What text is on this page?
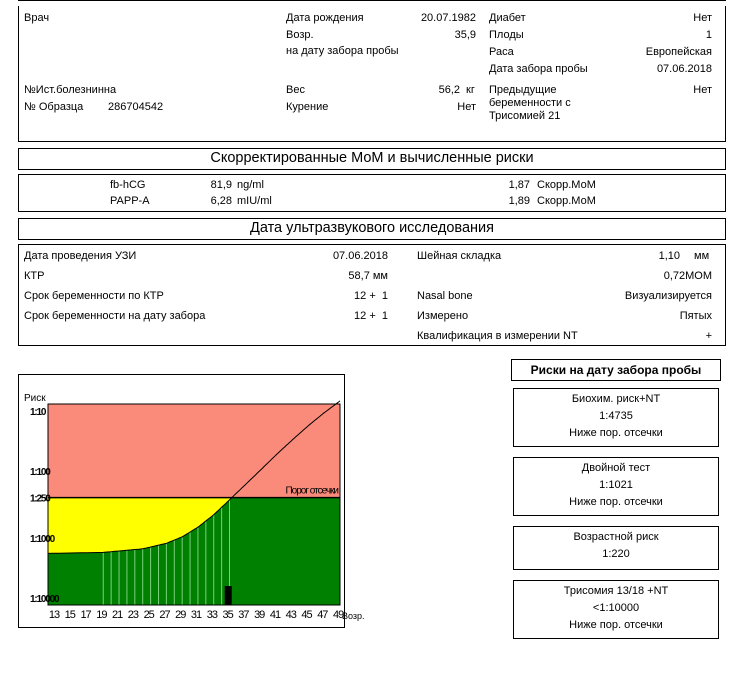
Врач	Дата рождения	20.07.1982
Возр.	35,9
на дату забора пробы
Диабет	Нет
Плоды	1
Раса	Европейская
Дата забора пробы	07.06.2018
№Ист.болезнинна
№ Образца 286704542
Вес	56,2 кг
Курение	Нет
Предыдущие
беременности с
Трисомией 21
Нет
Скорректированные МоМ и вычисленные риски
fb-hCG	81,9 ng/ml	1,87 Скорр.МоМ
PAPP-A	6,28 mIU/ml	1,89 Скорр.МоМ
Дата ультразвукового исследования
Дата проведения УЗИ	07.06.2018
КТР	58,7 мм
Срок беременности по КТР	12 +  1
Срок беременности на дату забора	12 +  1
Шейная складка	1,10 мм
0,72МОМ
Nasal bone	Визуализируется
Измерено	Пятых
Квалификация в измерении NT	+
Порог отсечки
Риск
1:10
1:100
1:250
1:1000
1:10000
13 15 17 19 21 23 25 27 29 31 33 35 37 39 41 43 45 47 49
Возр.
Риски на дату забора пробы
Биохим. риск+NT
1:4735
Ниже пор. отсечки
Двойной тест
1:1021
Ниже пор. отсечки
Возрастной риск
1:220
Трисомия 13/18 +NT
<1:10000
Ниже пор. отсечки
